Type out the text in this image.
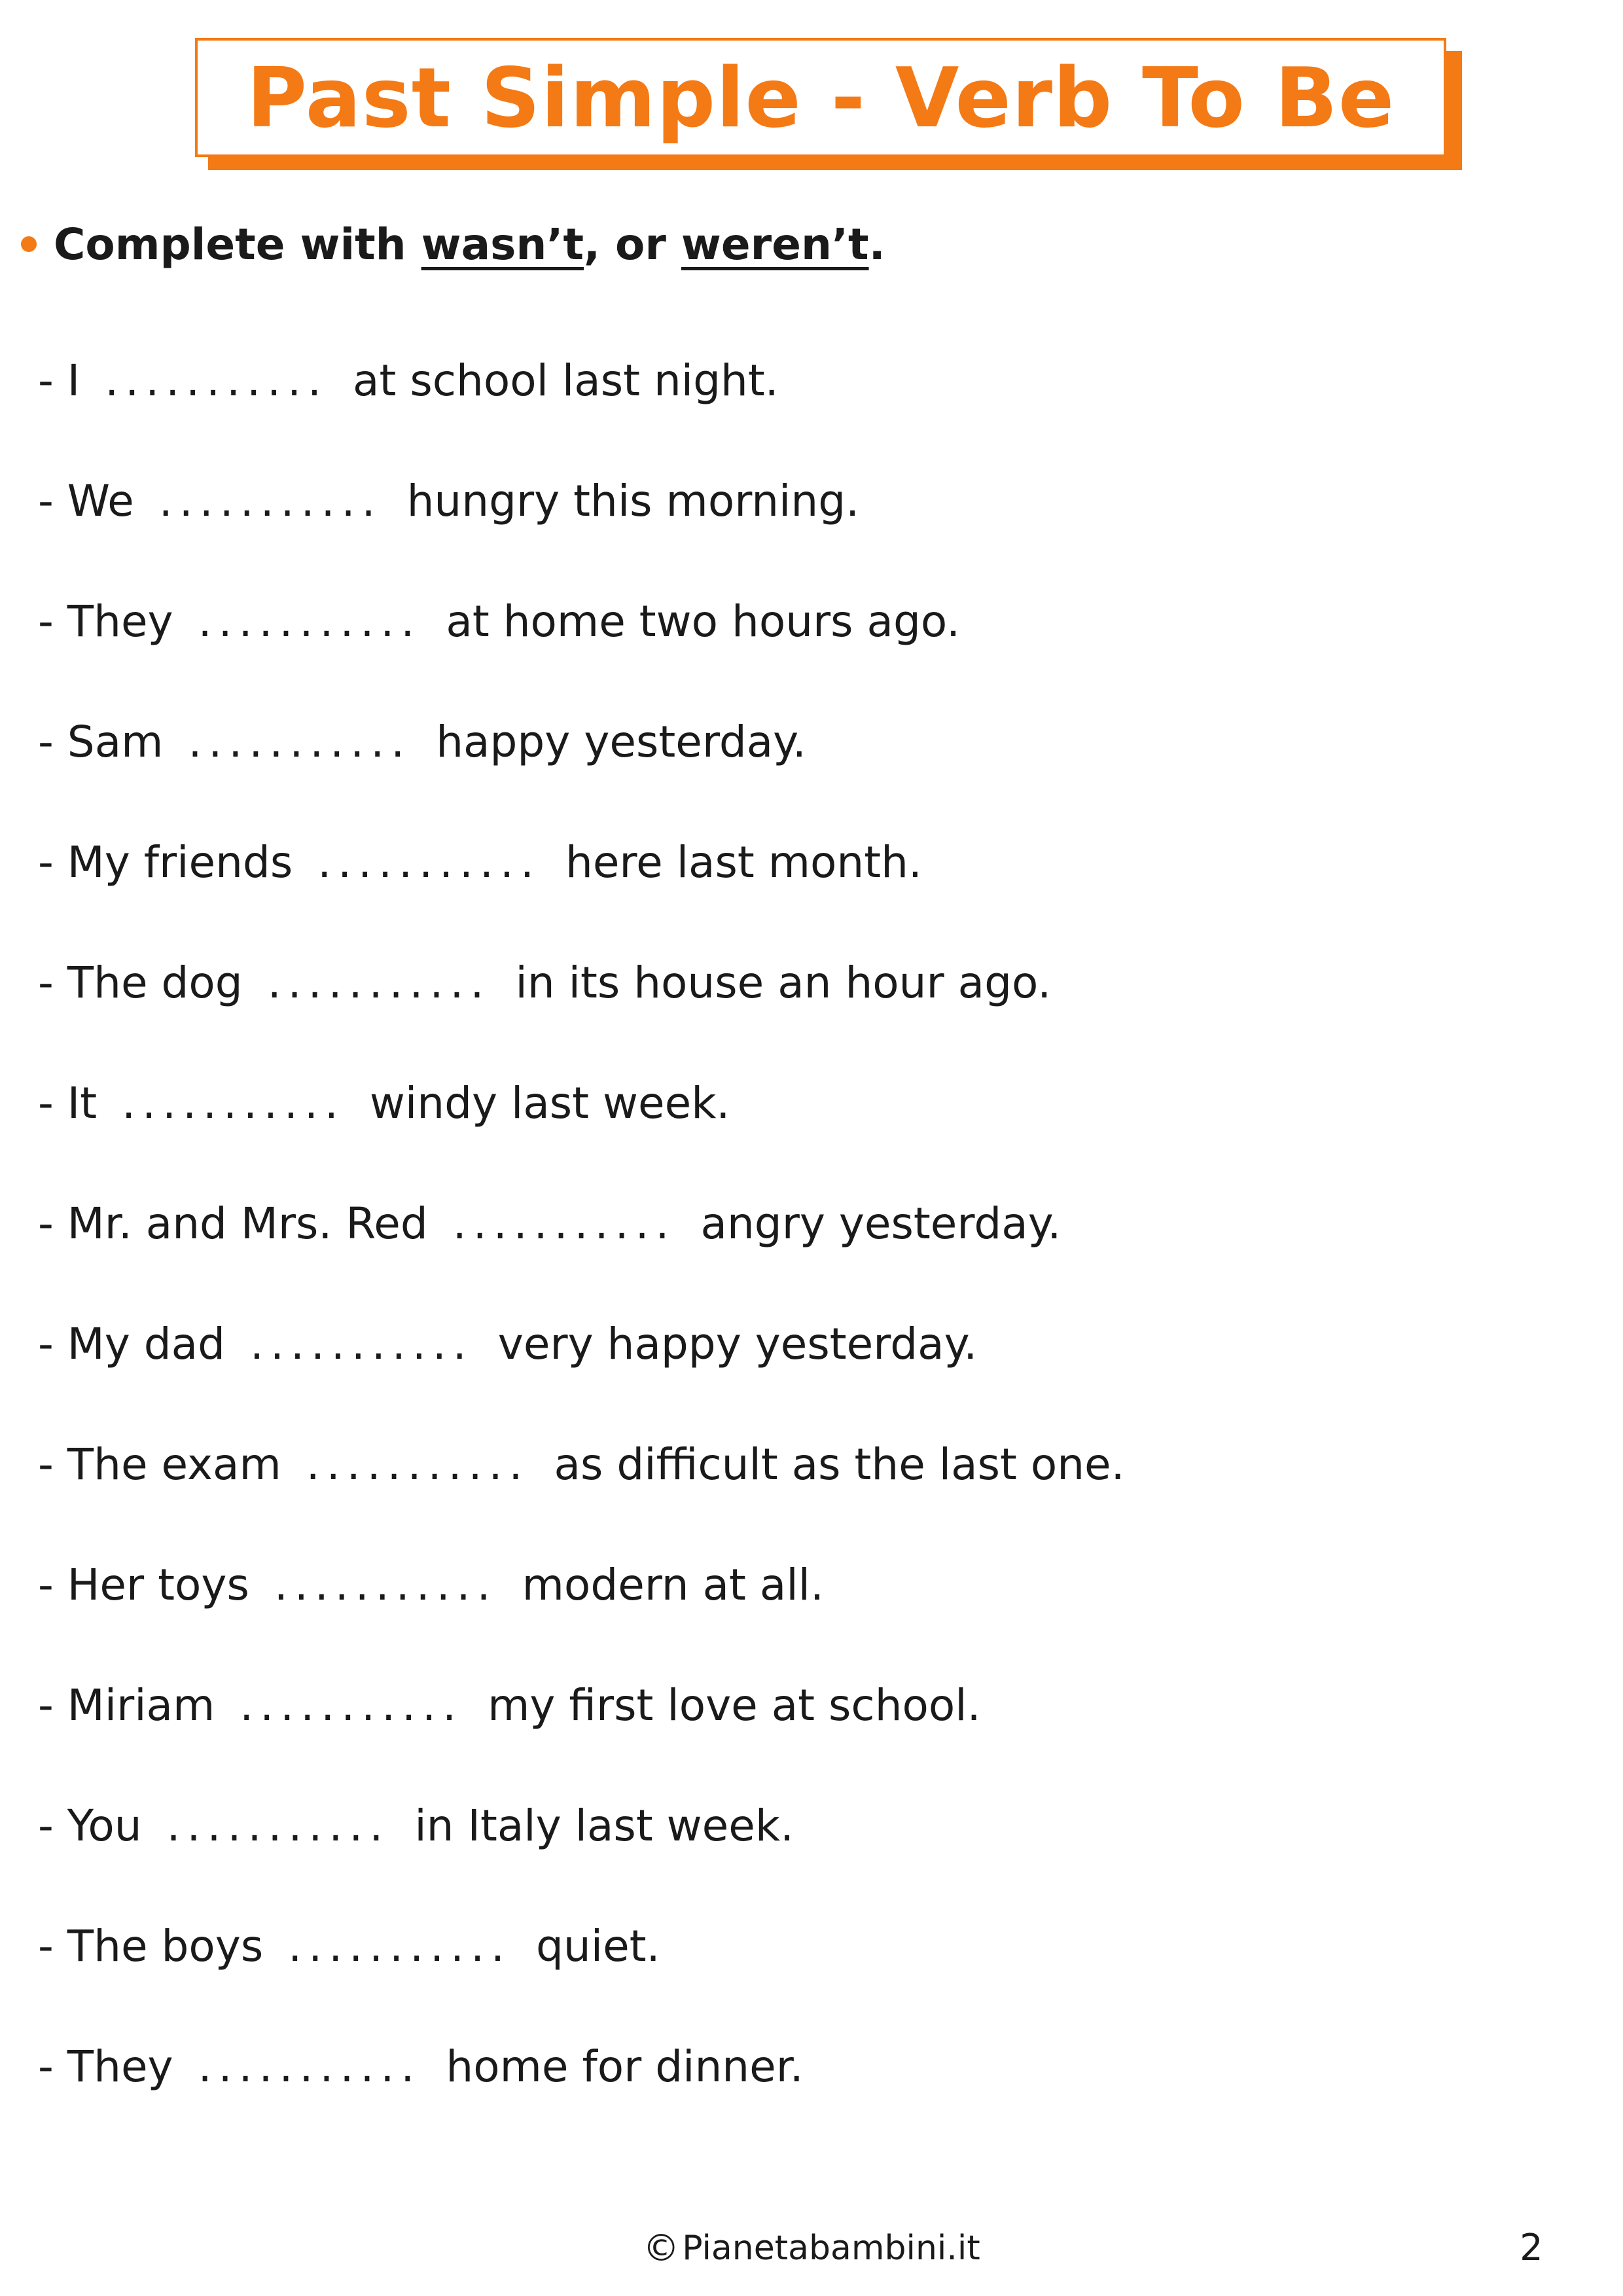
Past Simple - Verb To Be
Complete with wasn’t , or weren’t .
- I ........... at school last night.
- We ........... hungry this morning.
- They ........... at home two hours ago.
- Sam ........... happy yesterday.
- My friends ........... here last month.
- The dog ........... in its house an hour ago.
- It ........... windy last week.
- Mr. and Mrs. Red ........... angry yesterday.
- My dad ........... very happy yesterday.
- The exam ........... as difficult as the last one.
- Her toys ........... modern at all.
- Miriam ........... my first love at school.
- You ........... in Italy last week.
- The boys ........... quiet.
- They ........... home for dinner.
© Pianetabambini.it	2
